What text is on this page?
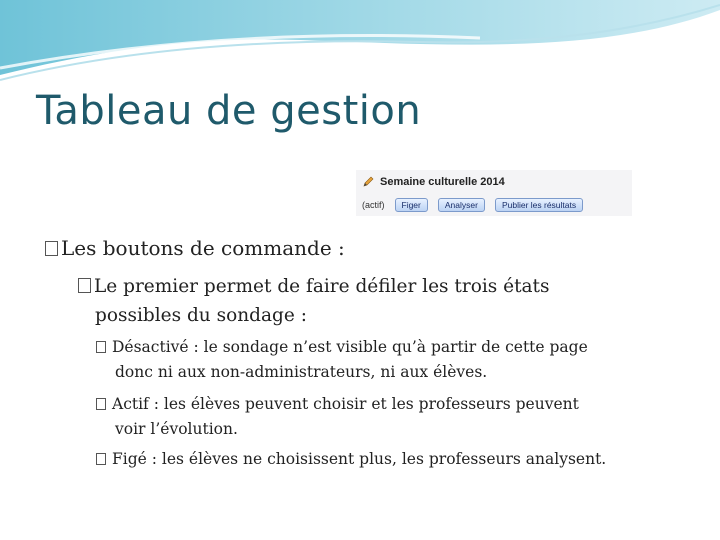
Tableau de gestion
Semaine culturelle 2014
(actif)	Figer	Analyser	Publier les résultats
Les boutons de commande :
Le premier permet de faire défiler les trois états
possibles du sondage :
Désactivé : le sondage n’est visible qu’à partir de cette page
donc ni aux non-administrateurs, ni aux élèves.
Actif : les élèves peuvent choisir et les professeurs peuvent
voir l’évolution.
Figé : les élèves ne choisissent plus, les professeurs analysent.
